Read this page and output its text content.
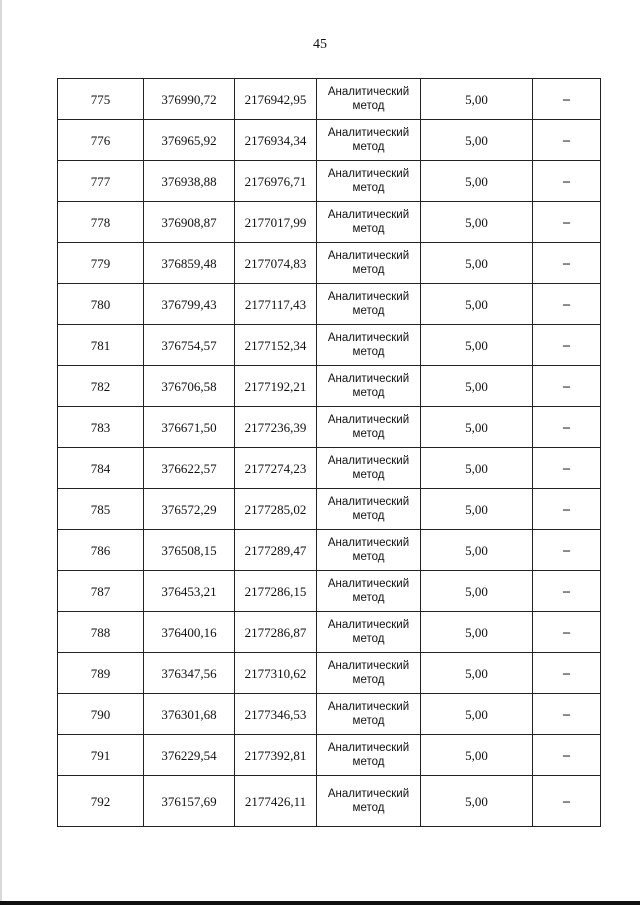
45
775	376990,72	2176942,95	Аналитический метод	5,00	–
776	376965,92	2176934,34	Аналитический метод	5,00	–
777	376938,88	2176976,71	Аналитический метод	5,00	–
778	376908,87	2177017,99	Аналитический метод	5,00	–
779	376859,48	2177074,83	Аналитический метод	5,00	–
780	376799,43	2177117,43	Аналитический метод	5,00	–
781	376754,57	2177152,34	Аналитический метод	5,00	–
782	376706,58	2177192,21	Аналитический метод	5,00	–
783	376671,50	2177236,39	Аналитический метод	5,00	–
784	376622,57	2177274,23	Аналитический метод	5,00	–
785	376572,29	2177285,02	Аналитический метод	5,00	–
786	376508,15	2177289,47	Аналитический метод	5,00	–
787	376453,21	2177286,15	Аналитический метод	5,00	–
788	376400,16	2177286,87	Аналитический метод	5,00	–
789	376347,56	2177310,62	Аналитический метод	5,00	–
790	376301,68	2177346,53	Аналитический метод	5,00	–
791	376229,54	2177392,81	Аналитический метод	5,00	–
792	376157,69	2177426,11	Аналитический метод	5,00	–
